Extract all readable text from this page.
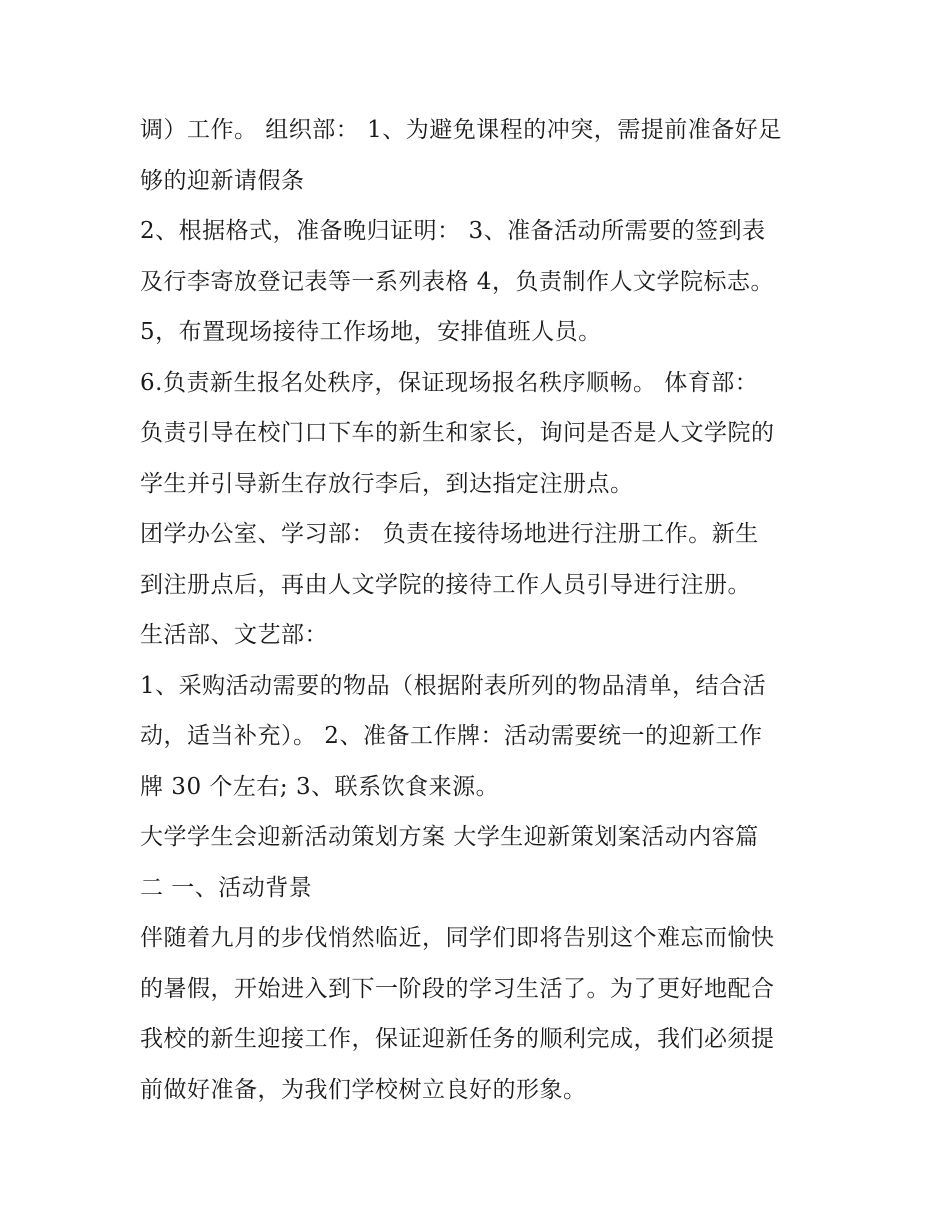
调）工作。 组织部： 1、为避免课程的冲突，需提前准备好足
够的迎新请假条
2、根据格式，准备晚归证明： 3、准备活动所需要的签到表
及行李寄放登记表等一系列表格 4，负责制作人文学院标志。
5，布置现场接待工作场地，安排值班人员。
6.负责新生报名处秩序，保证现场报名秩序顺畅。 体育部：
负责引导在校门口下车的新生和家长，询问是否是人文学院的
学生并引导新生存放行李后，到达指定注册点。
团学办公室、学习部： 负责在接待场地进行注册工作。新生
到注册点后，再由人文学院的接待工作人员引导进行注册。
生活部、文艺部：
1、采购活动需要的物品（根据附表所列的物品清单，结合活
动，适当补充）。 2、准备工作牌：活动需要统一的迎新工作
牌 30 个左右; 3、联系饮食来源。
大学学生会迎新活动策划方案 大学生迎新策划案活动内容篇
二 一、活动背景
伴随着九月的步伐悄然临近，同学们即将告别这个难忘而愉快
的暑假，开始进入到下一阶段的学习生活了。为了更好地配合
我校的新生迎接工作，保证迎新任务的顺利完成，我们必须提
前做好准备，为我们学校树立良好的形象。
